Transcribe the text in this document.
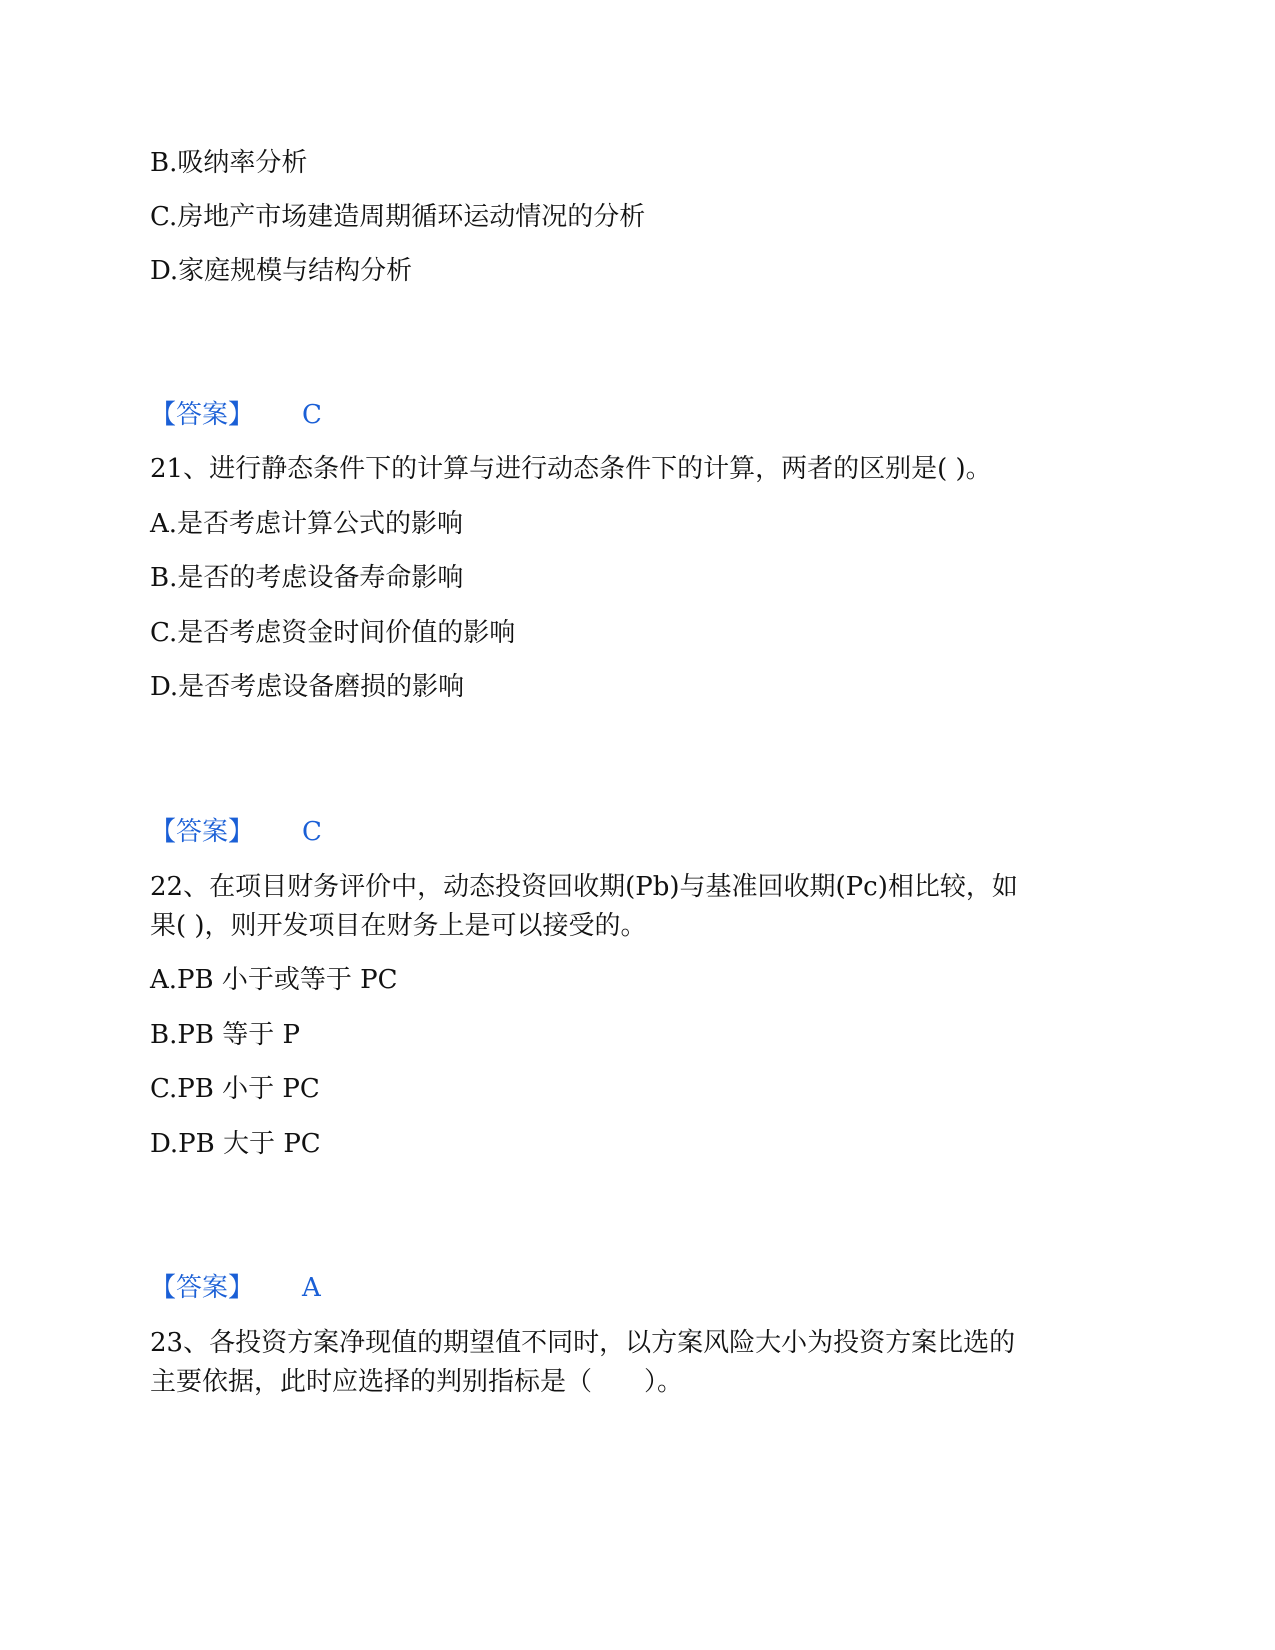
B.吸纳率分析
C.房地产市场建造周期循环运动情况的分析
D.家庭规模与结构分析
【答案】 C
21、进行静态条件下的计算与进行动态条件下的计算，两者的区别是( )。
A.是否考虑计算公式的影响
B.是否的考虑设备寿命影响
C.是否考虑资金时间价值的影响
D.是否考虑设备磨损的影响
【答案】 C
22、在项目财务评价中，动态投资回收期(Pb)与基准回收期(Pc)相比较，如
果( )，则开发项目在财务上是可以接受的。
A.PB 小于或等于 PC
B.PB 等于 P
C.PB 小于 PC
D.PB 大于 PC
【答案】 A
23、各投资方案净现值的期望值不同时，以方案风险大小为投资方案比选的
主要依据，此时应选择的判别指标是（　　）。
